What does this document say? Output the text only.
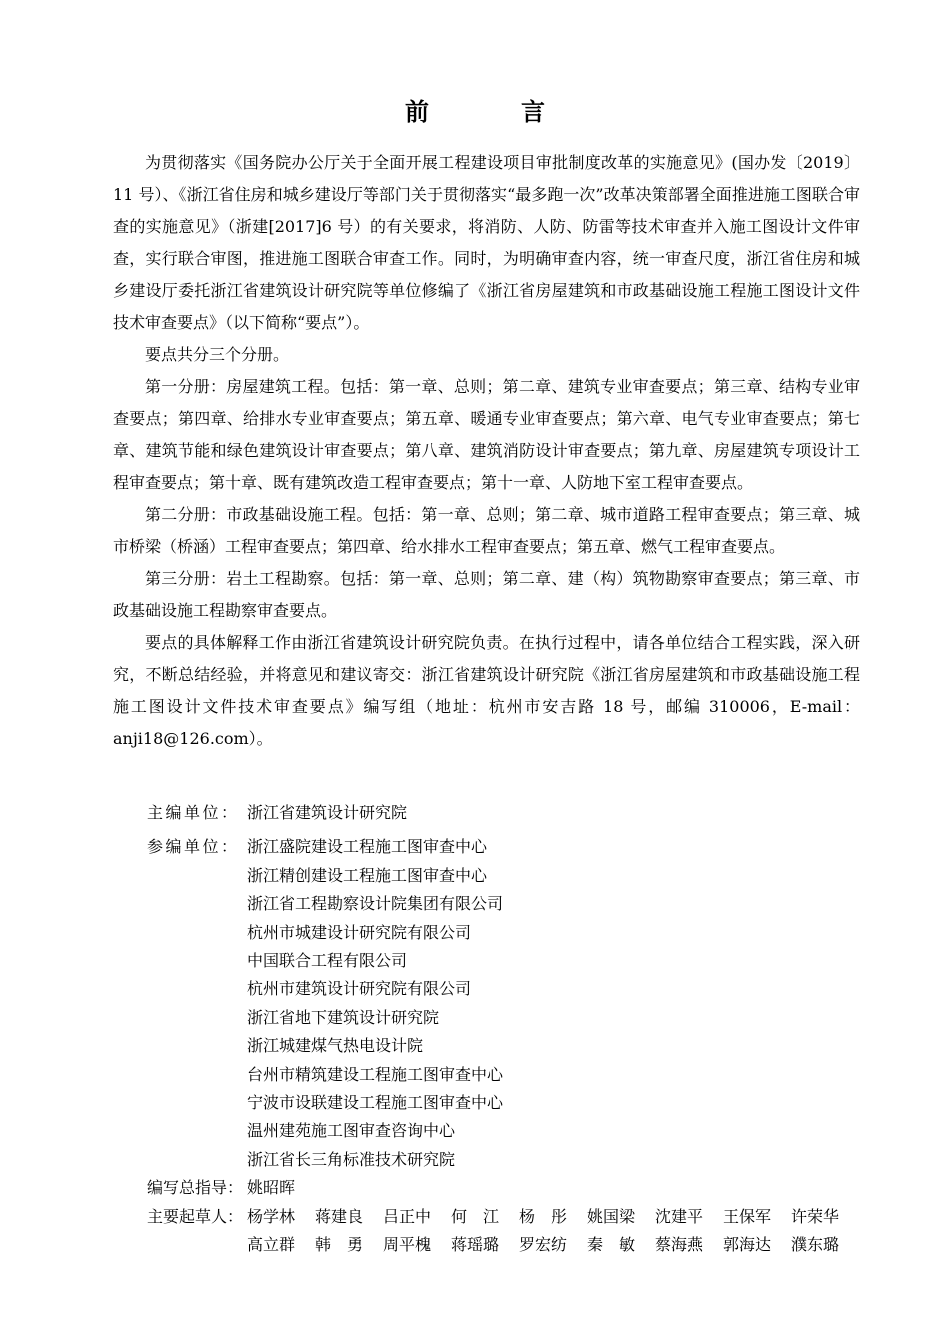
前　言

为贯彻落实《国务院办公厅关于全面开展工程建设项目审批制度改革的实施意见》(国办发〔2019〕11 号）、《浙江省住房和城乡建设厅等部门关于贯彻落实“最多跑一次”改革决策部署全面推进施工图联合审查的实施意见》（浙建[2017]6 号）的有关要求，将消防、人防、防雷等技术审查并入施工图设计文件审查，实行联合审图，推进施工图联合审查工作。同时，为明确审查内容，统一审查尺度，浙江省住房和城乡建设厅委托浙江省建筑设计研究院等单位修编了《浙江省房屋建筑和市政基础设施工程施工图设计文件技术审查要点》（以下简称“要点”）。

要点共分三个分册。

第一分册：房屋建筑工程。包括：第一章、总则；第二章、建筑专业审查要点；第三章、结构专业审查要点；第四章、给排水专业审查要点；第五章、暖通专业审查要点；第六章、电气专业审查要点；第七章、建筑节能和绿色建筑设计审查要点；第八章、建筑消防设计审查要点；第九章、房屋建筑专项设计工程审查要点；第十章、既有建筑改造工程审查要点；第十一章、人防地下室工程审查要点。

第二分册：市政基础设施工程。包括：第一章、总则；第二章、城市道路工程审查要点；第三章、城市桥梁（桥涵）工程审查要点；第四章、给水排水工程审查要点；第五章、燃气工程审查要点。

第三分册：岩土工程勘察。包括：第一章、总则；第二章、建（构）筑物勘察审查要点；第三章、市政基础设施工程勘察审查要点。

要点的具体解释工作由浙江省建筑设计研究院负责。在执行过程中，请各单位结合工程实践，深入研究，不断总结经验，并将意见和建议寄交：浙江省建筑设计研究院《浙江省房屋建筑和市政基础设施工程施工图设计文件技术审查要点》编写组（地址：杭州市安吉路 18 号，邮编 310006，E-mail：anji18@126.com）。

主编单位： 浙江省建筑设计研究院
参编单位： 浙江盛院建设工程施工图审查中心
浙江精创建设工程施工图审查中心
浙江省工程勘察设计院集团有限公司
杭州市城建设计研究院有限公司
中国联合工程有限公司
杭州市建筑设计研究院有限公司
浙江省地下建筑设计研究院
浙江城建煤气热电设计院
台州市精筑建设工程施工图审查中心
宁波市设联建设工程施工图审查中心
温州建苑施工图审查咨询中心
浙江省长三角标准技术研究院
编写总指导： 姚昭晖
主要起草人： 杨学林	蒋建良	吕正中	何　江	杨　彤	姚国梁	沈建平	王保军	许荣华
高立群	韩　勇	周平槐	蒋瑶璐	罗宏纺	秦　敏	蔡海燕	郭海达	濮东璐
